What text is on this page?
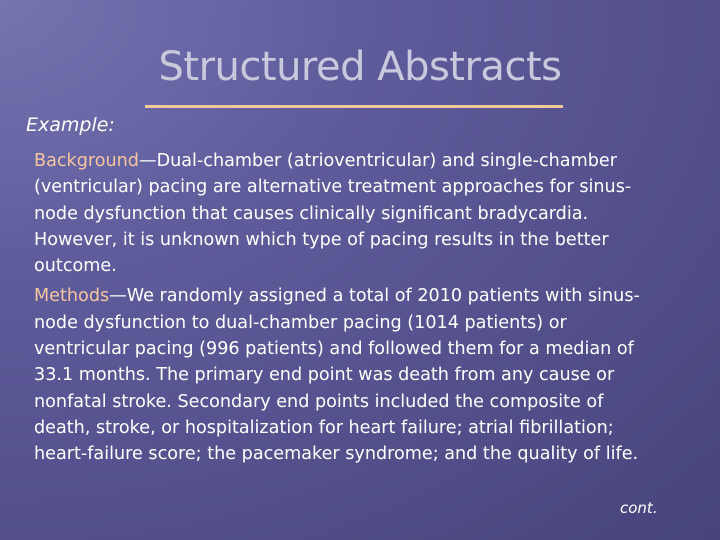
Structured Abstracts

Example:

Background—Dual-chamber (atrioventricular) and single-chamber (ventricular) pacing are alternative treatment approaches for sinus-node dysfunction that causes clinically significant bradycardia. However, it is unknown which type of pacing results in the better outcome.

Methods—We randomly assigned a total of 2010 patients with sinus-node dysfunction to dual-chamber pacing (1014 patients) or ventricular pacing (996 patients) and followed them for a median of 33.1 months. The primary end point was death from any cause or nonfatal stroke. Secondary end points included the composite of death, stroke, or hospitalization for heart failure; atrial fibrillation; heart-failure score; the pacemaker syndrome; and the quality of life.

cont.
